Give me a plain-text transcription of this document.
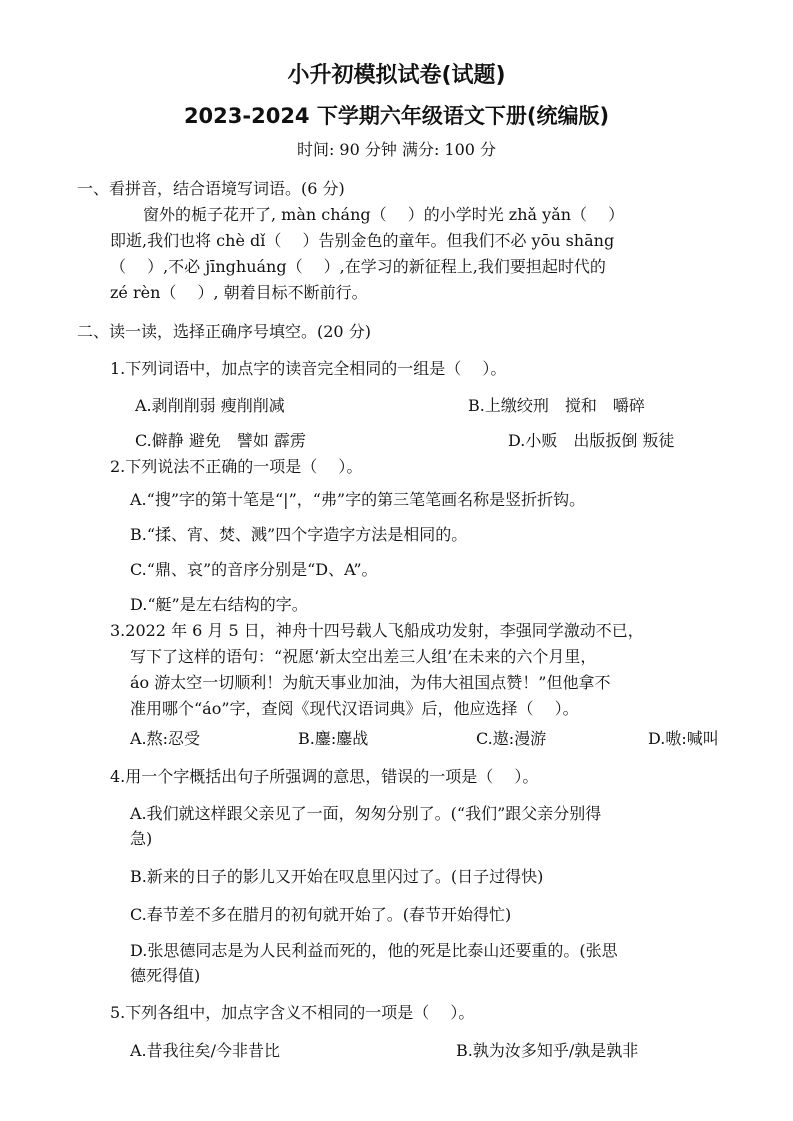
小升初模拟试卷(试题)
2023-2024 下学期六年级语文下册(统编版)
时间: 90 分钟 满分: 100 分
一、看拼音，结合语境写词语。(6 分)
窗外的栀子花开了, màn cháng（　 ）的小学时光 zhǎ yǎn（　 ）
即逝,我们也将 chè dǐ（　 ）告别金色的童年。但我们不必 yōu shāng
（　 ）,不必 jīnghuáng（　 ）,在学习的新征程上,我们要担起时代的
zé rèn（　 ）, 朝着目标不断前行。
二、读一读，选择正确序号填空。(20 分)
1.下列词语中，加点字的读音完全相同的一组是（　 ）。
A.剥削削弱 瘦削削减	B.上缴绞刑　搅和　嚼碎
C.僻静 避免　譬如 霹雳	D.小贩　出版扳倒 叛徒
2.下列说法不正确的一项是（　 ）。
A.“搜”字的第十笔是“|”，“弗”字的第三笔笔画名称是竖折折钩。
B.“揉、宵、焚、溅”四个字造字方法是相同的。
C.“鼎、哀”的音序分别是“D、A”。
D.“艇”是左右结构的字。
3.2022 年 6 月 5 日，神舟十四号载人飞船成功发射，李强同学激动不已，
写下了这样的语句：“祝愿‘新太空出差三人组’在未来的六个月里，
áo 游太空一切顺利！为航天事业加油，为伟大祖国点赞！”但他拿不
准用哪个“áo”字，查阅《现代汉语词典》后，他应选择（　 ）。
A.熬:忍受	B.鏖:鏖战	C.遨:漫游	D.嗷:喊叫
4.用一个字概括出句子所强调的意思，错误的一项是（　 ）。
A.我们就这样跟父亲见了一面，匆匆分别了。(“我们”跟父亲分别得
急)
B.新来的日子的影儿又开始在叹息里闪过了。(日子过得快)
C.春节差不多在腊月的初旬就开始了。(春节开始得忙)
D.张思德同志是为人民利益而死的，他的死是比泰山还要重的。(张思
德死得值)
5.下列各组中，加点字含义不相同的一项是（　 ）。
A.昔我往矣/今非昔比	B.孰为汝多知乎/孰是孰非
